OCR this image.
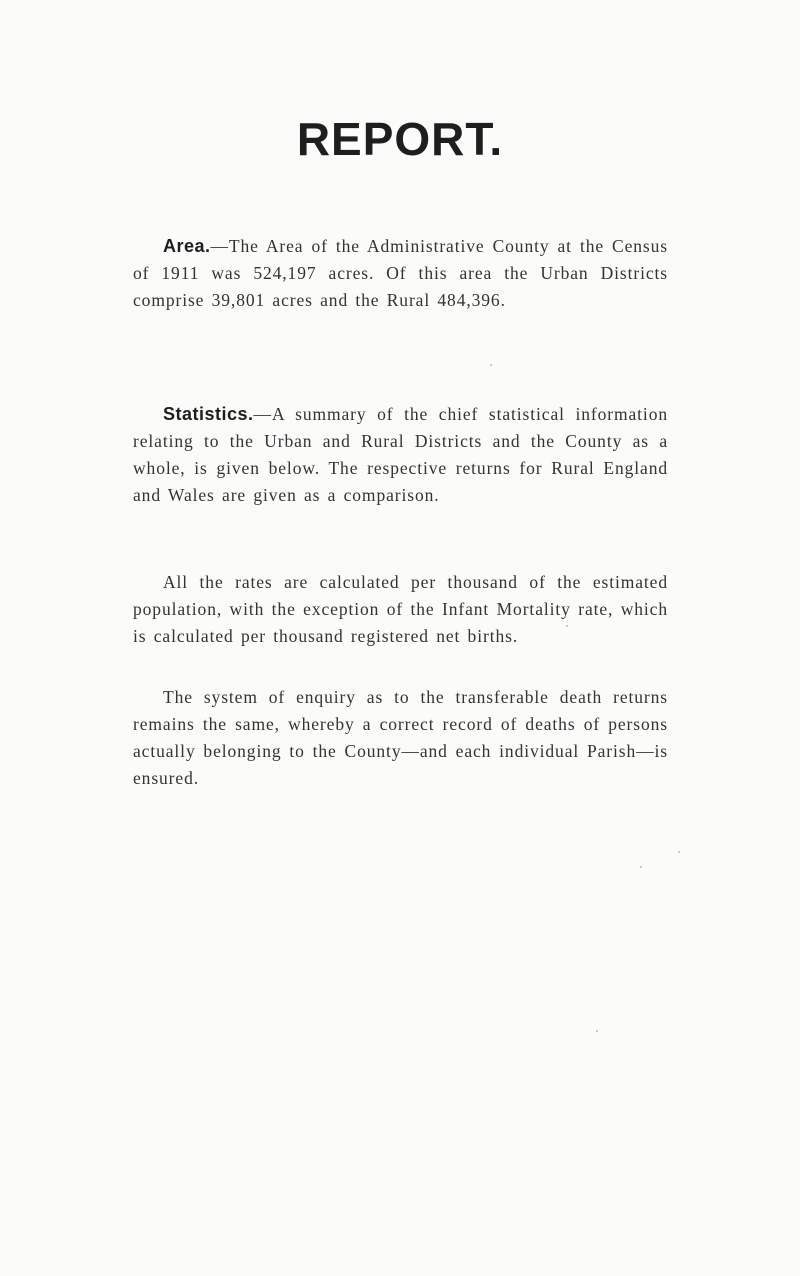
REPORT.

Area.—The Area of the Administrative County at the Census of 1911 was 524,197 acres. Of this area the Urban Districts comprise 39,801 acres and the Rural 484,396.

Statistics.—A summary of the chief statistical information relating to the Urban and Rural Districts and the County as a whole, is given below. The respective returns for Rural England and Wales are given as a comparison.

All the rates are calculated per thousand of the estimated population, with the exception of the Infant Mortality rate, which is calculated per thousand registered net births.

The system of enquiry as to the transferable death returns remains the same, whereby a correct record of deaths of persons actually belonging to the County—and each individual Parish—is ensured.
